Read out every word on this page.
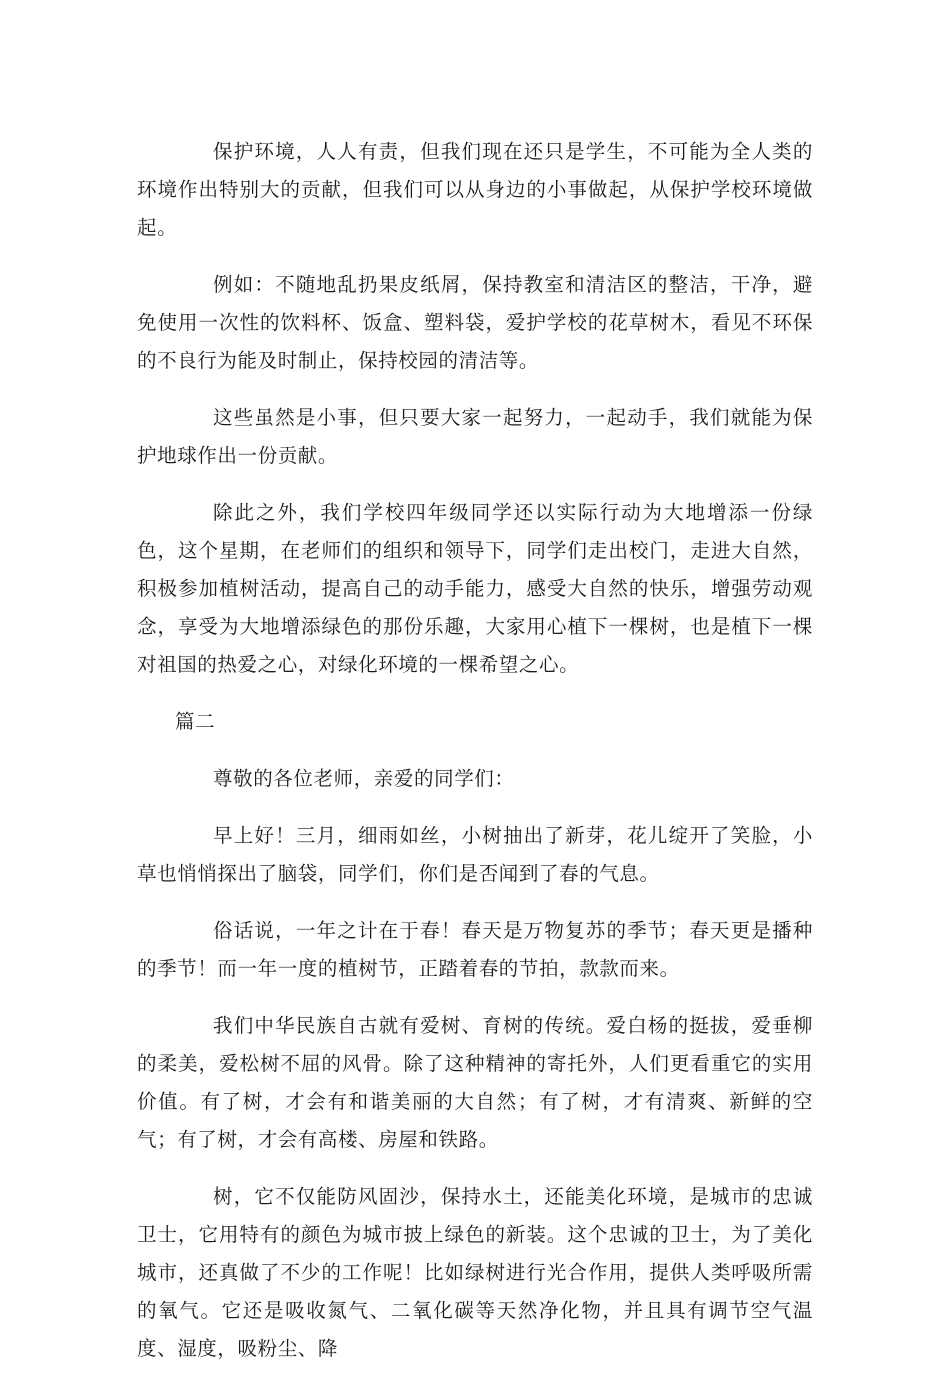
保护环境，人人有责，但我们现在还只是学生，不可能为全人类的环境作出特别大的贡献，但我们可以从身边的小事做起，从保护学校环境做起。

例如：不随地乱扔果皮纸屑，保持教室和清洁区的整洁，干净，避免使用一次性的饮料杯、饭盒、塑料袋，爱护学校的花草树木，看见不环保的不良行为能及时制止，保持校园的清洁等。

这些虽然是小事，但只要大家一起努力，一起动手，我们就能为保护地球作出一份贡献。

除此之外，我们学校四年级同学还以实际行动为大地增添一份绿色，这个星期，在老师们的组织和领导下，同学们走出校门，走进大自然，积极参加植树活动，提高自己的动手能力，感受大自然的快乐，增强劳动观念，享受为大地增添绿色的那份乐趣，大家用心植下一棵树，也是植下一棵对祖国的热爱之心，对绿化环境的一棵希望之心。

篇二

尊敬的各位老师，亲爱的同学们：

早上好！三月，细雨如丝，小树抽出了新芽，花儿绽开了笑脸，小草也悄悄探出了脑袋，同学们，你们是否闻到了春的气息。

俗话说，一年之计在于春！春天是万物复苏的季节；春天更是播种的季节！而一年一度的植树节，正踏着春的节拍，款款而来。

我们中华民族自古就有爱树、育树的传统。爱白杨的挺拔，爱垂柳的柔美，爱松树不屈的风骨。除了这种精神的寄托外，人们更看重它的实用价值。有了树，才会有和谐美丽的大自然；有了树，才有清爽、新鲜的空气；有了树，才会有高楼、房屋和铁路。

树，它不仅能防风固沙，保持水土，还能美化环境，是城市的忠诚卫士，它用特有的颜色为城市披上绿色的新装。这个忠诚的卫士，为了美化城市，还真做了不少的工作呢！比如绿树进行光合作用，提供人类呼吸所需的氧气。它还是吸收氮气、二氧化碳等天然净化物，并且具有调节空气温度、湿度，吸粉尘、降
